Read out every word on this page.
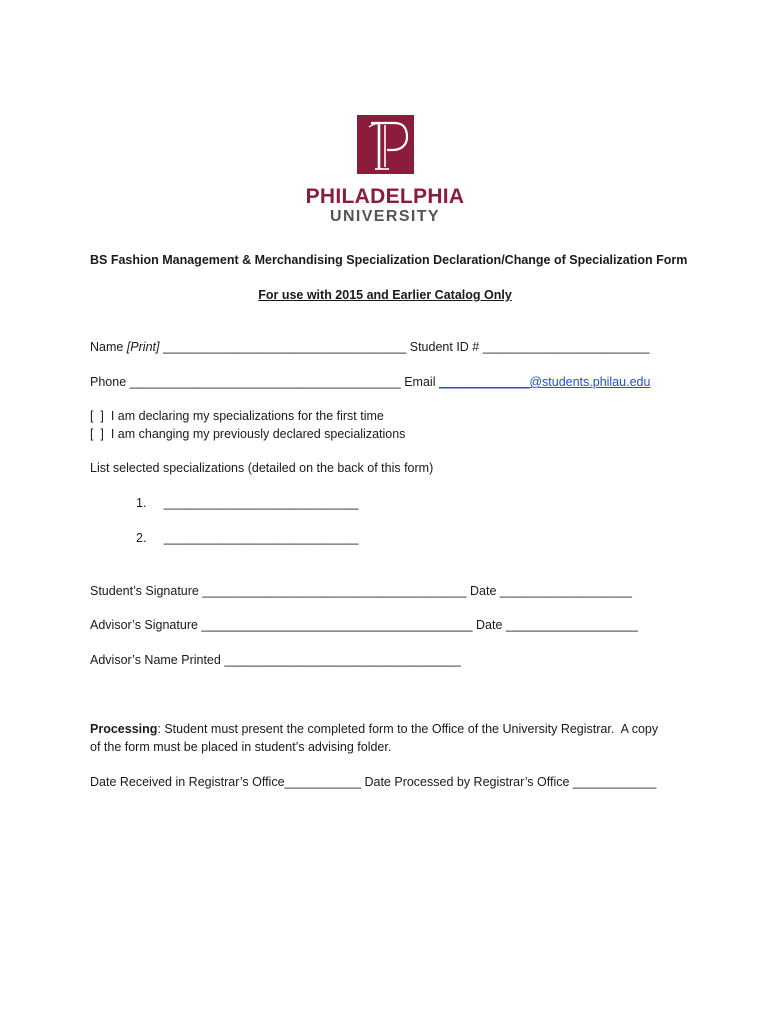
PHILADELPHIA
UNIVERSITY
BS Fashion Management & Merchandising Specialization Declaration/Change of Specialization Form
For use with 2015 and Earlier Catalog Only
Name [Print] ___________________________________ Student ID # ________________________
Phone _______________________________________ Email _____________@students.philau.edu
[  ]  I am declaring my specializations for the first time
[  ]  I am changing my previously declared specializations
List selected specializations (detailed on the back of this form)
1.     ____________________________
2.     ____________________________
Student’s Signature ______________________________________ Date ___________________
Advisor’s Signature _______________________________________ Date ___________________
Advisor’s Name Printed __________________________________
Processing: Student must present the completed form to the Office of the University Registrar.  A copy
of the form must be placed in student’s advising folder.
Date Received in Registrar’s Office___________ Date Processed by Registrar’s Office ____________
